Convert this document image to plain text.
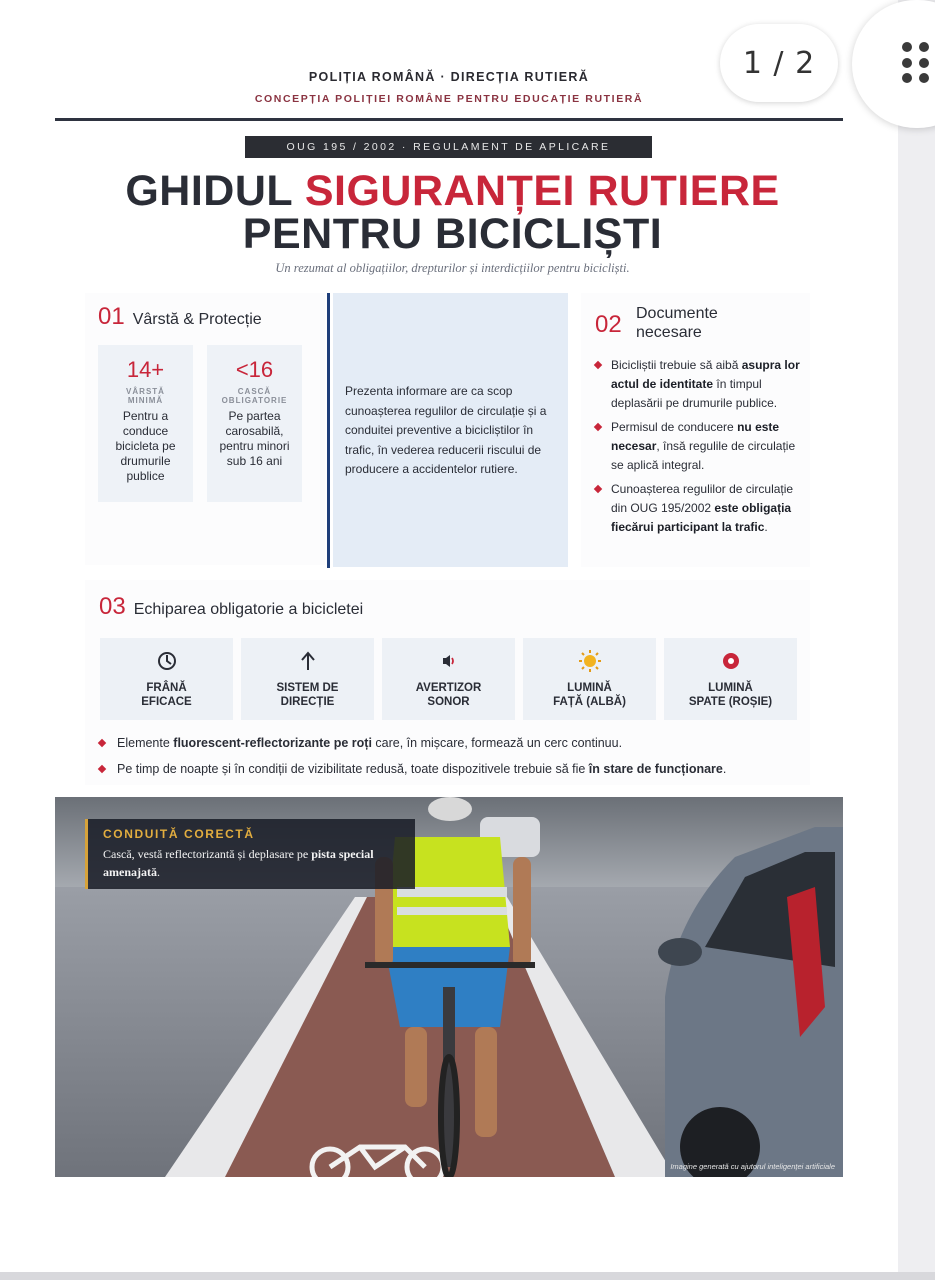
POLIȚIA ROMÂNĂ · DIRECȚIA RUTIERĂ
CONCEPȚIA POLIȚIEI ROMÂNE PENTRU EDUCAȚIE RUTIERĂ
OUG 195 / 2002 · REGULAMENT DE APLICARE
GHIDUL SIGURANȚEI RUTIERE
PENTRU BICICLIȘTI
Un rezumat al obligațiilor, drepturilor și interdicțiilor pentru bicicliști.
01 Vârstă & Protecție
14+
VÂRSTĂ
MINIMĂ
Pentru a conduce bicicleta pe drumurile publice
<16
CASCĂ
OBLIGATORIE
Pe partea carosabilă, pentru minori sub 16 ani

Prezenta informare are ca scop cunoașterea regulilor de circulație și a conduitei preventive a bicicliștilor în trafic, în vederea reducerii riscului de producere a accidentelor rutiere.

02 Documente
necesare
Bicicliștii trebuie să aibă asupra lor actul de identitate în timpul deplasării pe drumurile publice.
Permisul de conducere nu este necesar, însă regulile de circulație se aplică integral.
Cunoașterea regulilor de circulație din OUG 195/2002 este obligația fiecărui participant la trafic.
03 Echiparea obligatorie a bicicletei
FRÂNĂ
EFICACE
SISTEM DE
DIRECȚIE
AVERTIZOR
SONOR
LUMINĂ
FAȚĂ (ALBĂ)
LUMINĂ
SPATE (ROȘIE)
Elemente fluorescent-reflectorizante pe roți care, în mișcare, formează un cerc continuu.
Pe timp de noapte și în condiții de vizibilitate redusă, toate dispozitivele trebuie să fie în stare de funcționare.
CONDUITĂ CORECTĂ
Cască, vestă reflectorizantă și deplasare pe pista special amenajată.
Imagine generată cu ajutorul inteligenței artificiale
1 / 2
